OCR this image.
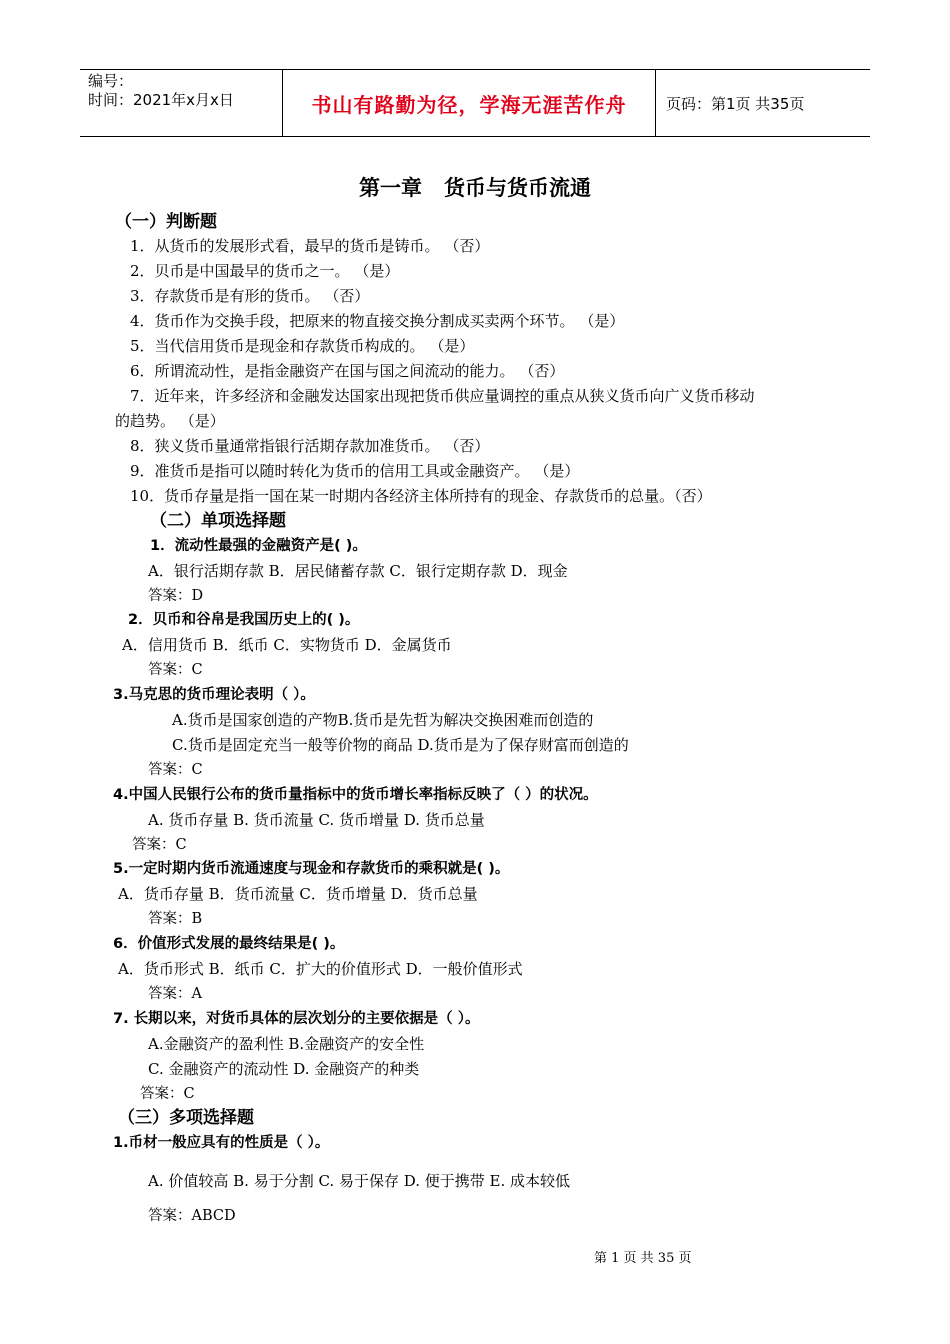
编号：
时间：2021年x月x日	书山有路勤为径，学海无涯苦作舟	页码：第1页 共35页
第一章 货币与货币流通
（一）判断题
1．从货币的发展形式看，最早的货币是铸币。 （否）
2．贝币是中国最早的货币之一。 （是）
3．存款货币是有形的货币。 （否）
4．货币作为交换手段，把原来的物直接交换分割成买卖两个环节。 （是）
5．当代信用货币是现金和存款货币构成的。 （是）
6．所谓流动性，是指金融资产在国与国之间流动的能力。 （否）
7．近年来，许多经济和金融发达国家出现把货币供应量调控的重点从狭义货币向广义货币移动
的趋势。 （是）
8．狭义货币量通常指银行活期存款加准货币。 （否）
9．准货币是指可以随时转化为货币的信用工具或金融资产。 （是）
10．货币存量是指一国在某一时期内各经济主体所持有的现金、存款货币的总量。（否）
（二）单项选择题
1．流动性最强的金融资产是( )。
A．银行活期存款 B．居民储蓄存款 C．银行定期存款 D．现金
答案：D
2．贝币和谷帛是我国历史上的( )。
A．信用货币 B．纸币 C．实物货币 D．金属货币
答案：C
3.马克思的货币理论表明（ ）。
A.货币是国家创造的产物B.货币是先哲为解决交换困难而创造的
C.货币是固定充当一般等价物的商品 D.货币是为了保存财富而创造的
答案：C
4.中国人民银行公布的货币量指标中的货币增长率指标反映了（ ）的状况。
A. 货币存量 B. 货币流量 C. 货币增量 D. 货币总量
答案：C
5.一定时期内货币流通速度与现金和存款货币的乘积就是( )。
A．货币存量 B．货币流量 C．货币增量 D．货币总量
答案：B
6．价值形式发展的最终结果是( )。
A．货币形式 B．纸币 C．扩大的价值形式 D．一般价值形式
答案：A
7. 长期以来，对货币具体的层次划分的主要依据是（ ）。
A.金融资产的盈利性 B.金融资产的安全性
C. 金融资产的流动性 D. 金融资产的种类
答案：C
（三）多项选择题
1.币材一般应具有的性质是（ ）。
A. 价值较高 B. 易于分割 C. 易于保存 D. 便于携带 E. 成本较低
答案：ABCD
第 1 页 共 35 页
